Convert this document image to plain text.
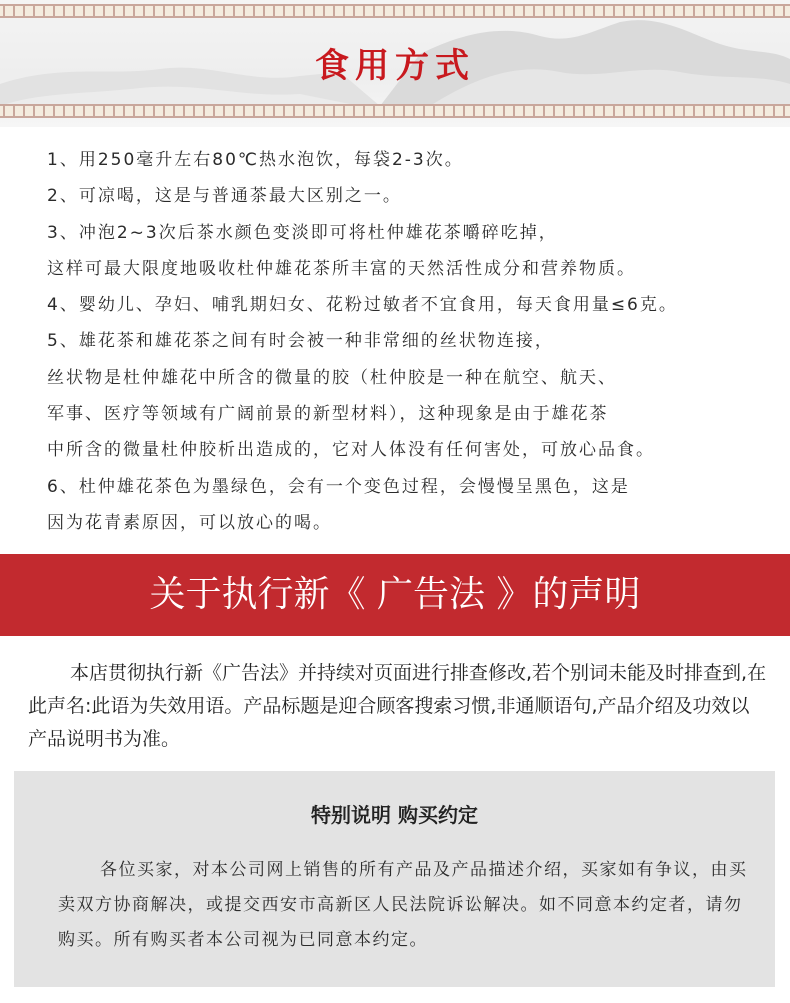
食用方式
1、用250毫升左右80℃热水泡饮，每袋2-3次。
2、可凉喝，这是与普通茶最大区别之一。
3、冲泡2~3次后茶水颜色变淡即可将杜仲雄花茶嚼碎吃掉，
这样可最大限度地吸收杜仲雄花茶所丰富的天然活性成分和营养物质。
4、婴幼儿、孕妇、哺乳期妇女、花粉过敏者不宜食用，每天食用量≤6克。
5、雄花茶和雄花茶之间有时会被一种非常细的丝状物连接，
丝状物是杜仲雄花中所含的微量的胶（杜仲胶是一种在航空、航天、
军事、医疗等领域有广阔前景的新型材料），这种现象是由于雄花茶
中所含的微量杜仲胶析出造成的，它对人体没有任何害处，可放心品食。
6、杜仲雄花茶色为墨绿色，会有一个变色过程，会慢慢呈黑色，这是
因为花青素原因，可以放心的喝。
关于执行新《 广告法 》的声明
本店贯彻执行新《广告法》并持续对页面进行排查修改,若个别词未能及时排查到,在此声名:此语为失效用语。产品标题是迎合顾客搜索习惯,非通顺语句,产品介绍及功效以产品说明书为准。
特别说明 购买约定
各位买家，对本公司网上销售的所有产品及产品描述介绍，买家如有争议，由买卖双方协商解决，或提交西安市高新区人民法院诉讼解决。如不同意本约定者，请勿购买。所有购买者本公司视为已同意本约定。
